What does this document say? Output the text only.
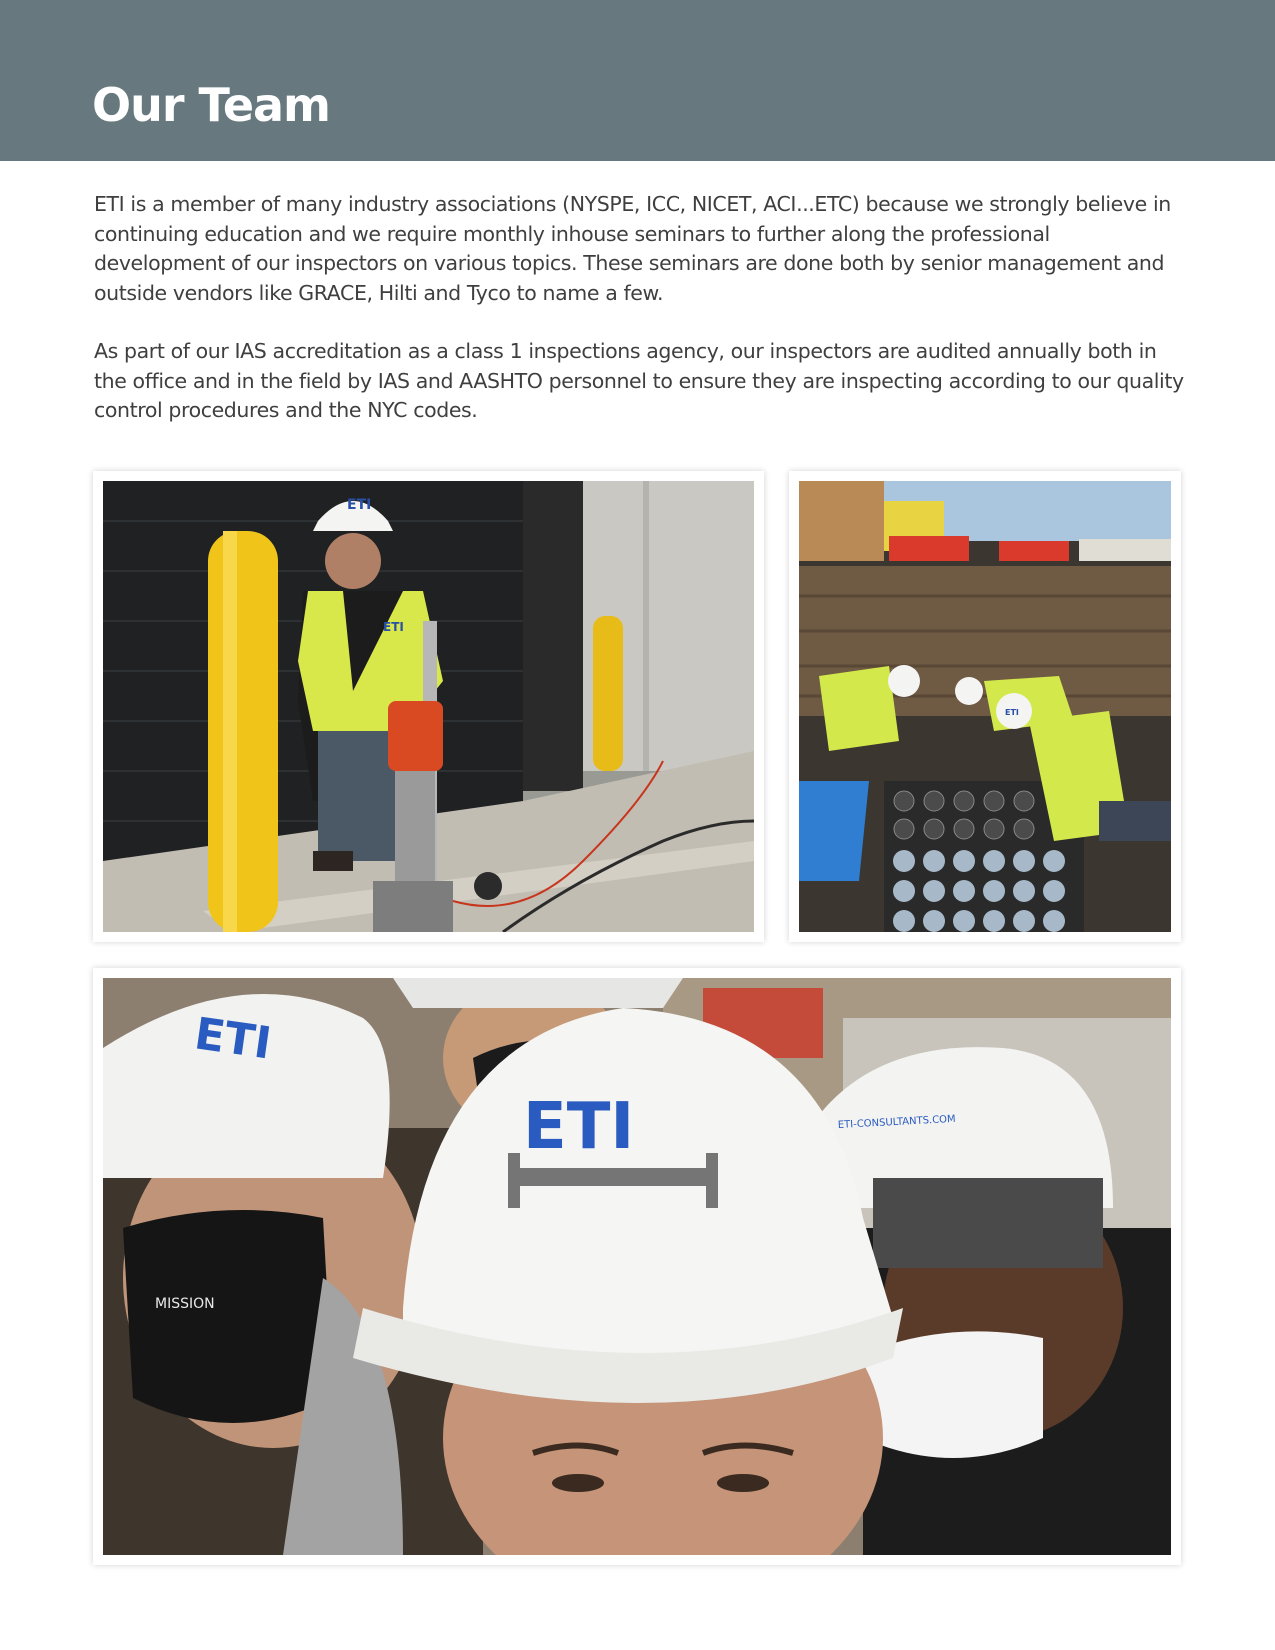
Our Team

ETI is a member of many industry associations (NYSPE, ICC, NICET, ACI...ETC) because we strongly believe in continuing education and we require monthly inhouse seminars to further along the professional development of our inspectors on various topics. These seminars are done both by senior management and outside vendors like GRACE, Hilti and Tyco to name a few.

As part of our IAS accreditation as a class 1 inspections agency, our inspectors are audited annually both in the office and in the field by IAS and AASHTO personnel to ensure they are inspecting according to our quality control procedures and the NYC codes.

ETI
ETI
ETI
ETI
MISSION
ETI-CONSULTANTS.COM
ETI
